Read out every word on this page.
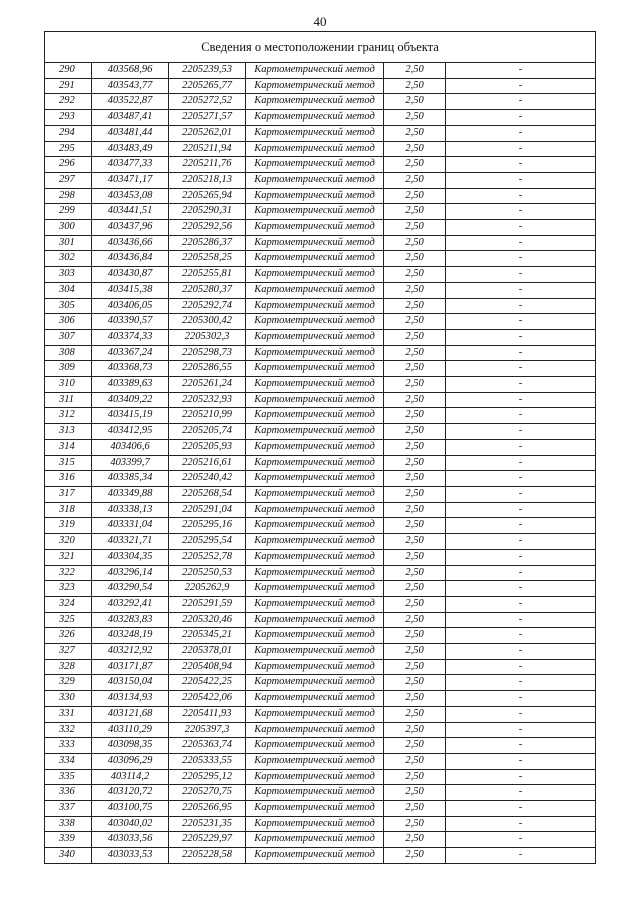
40
Сведения о местоположении границ объекта					
290	403568,96	2205239,53	Картометрический метод	2,50	-
291	403543,77	2205265,77	Картометрический метод	2,50	-
292	403522,87	2205272,52	Картометрический метод	2,50	-
293	403487,41	2205271,57	Картометрический метод	2,50	-
294	403481,44	2205262,01	Картометрический метод	2,50	-
295	403483,49	2205211,94	Картометрический метод	2,50	-
296	403477,33	2205211,76	Картометрический метод	2,50	-
297	403471,17	2205218,13	Картометрический метод	2,50	-
298	403453,08	2205265,94	Картометрический метод	2,50	-
299	403441,51	2205290,31	Картометрический метод	2,50	-
300	403437,96	2205292,56	Картометрический метод	2,50	-
301	403436,66	2205286,37	Картометрический метод	2,50	-
302	403436,84	2205258,25	Картометрический метод	2,50	-
303	403430,87	2205255,81	Картометрический метод	2,50	-
304	403415,38	2205280,37	Картометрический метод	2,50	-
305	403406,05	2205292,74	Картометрический метод	2,50	-
306	403390,57	2205300,42	Картометрический метод	2,50	-
307	403374,33	2205302,3	Картометрический метод	2,50	-
308	403367,24	2205298,73	Картометрический метод	2,50	-
309	403368,73	2205286,55	Картометрический метод	2,50	-
310	403389,63	2205261,24	Картометрический метод	2,50	-
311	403409,22	2205232,93	Картометрический метод	2,50	-
312	403415,19	2205210,99	Картометрический метод	2,50	-
313	403412,95	2205205,74	Картометрический метод	2,50	-
314	403406,6	2205205,93	Картометрический метод	2,50	-
315	403399,7	2205216,61	Картометрический метод	2,50	-
316	403385,34	2205240,42	Картометрический метод	2,50	-
317	403349,88	2205268,54	Картометрический метод	2,50	-
318	403338,13	2205291,04	Картометрический метод	2,50	-
319	403331,04	2205295,16	Картометрический метод	2,50	-
320	403321,71	2205295,54	Картометрический метод	2,50	-
321	403304,35	2205252,78	Картометрический метод	2,50	-
322	403296,14	2205250,53	Картометрический метод	2,50	-
323	403290,54	2205262,9	Картометрический метод	2,50	-
324	403292,41	2205291,59	Картометрический метод	2,50	-
325	403283,83	2205320,46	Картометрический метод	2,50	-
326	403248,19	2205345,21	Картометрический метод	2,50	-
327	403212,92	2205378,01	Картометрический метод	2,50	-
328	403171,87	2205408,94	Картометрический метод	2,50	-
329	403150,04	2205422,25	Картометрический метод	2,50	-
330	403134,93	2205422,06	Картометрический метод	2,50	-
331	403121,68	2205411,93	Картометрический метод	2,50	-
332	403110,29	2205397,3	Картометрический метод	2,50	-
333	403098,35	2205363,74	Картометрический метод	2,50	-
334	403096,29	2205333,55	Картометрический метод	2,50	-
335	403114,2	2205295,12	Картометрический метод	2,50	-
336	403120,72	2205270,75	Картометрический метод	2,50	-
337	403100,75	2205266,95	Картометрический метод	2,50	-
338	403040,02	2205231,35	Картометрический метод	2,50	-
339	403033,56	2205229,97	Картометрический метод	2,50	-
340	403033,53	2205228,58	Картометрический метод	2,50	-
